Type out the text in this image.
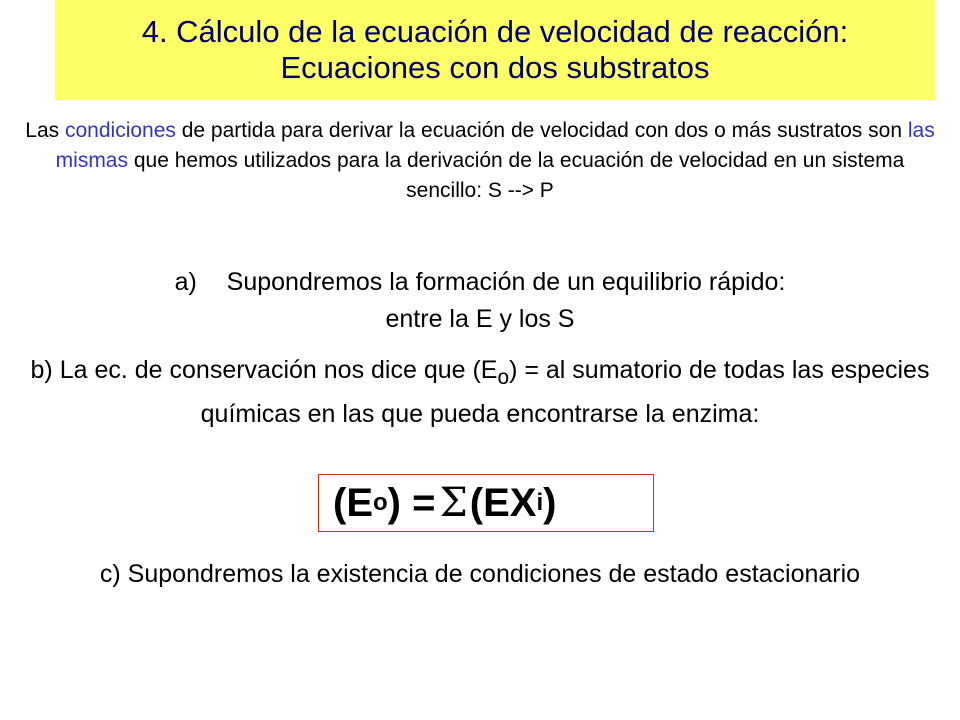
4. Cálculo de la ecuación de velocidad de reacción:
Ecuaciones con dos substratos
Las condiciones de partida para derivar la ecuación de velocidad con dos o más sustratos son las mismas que hemos utilizados para la derivación de la ecuación de velocidad en un sistema sencillo: S --> P
a) Supondremos la formación de un equilibrio rápido:
entre la E y los S
b) La ec. de conservación nos dice que $(E_o)$ = al sumatorio de todas las especies químicas en las que pueda encontrarse la enzima:
(E o ) = Σ (EX i )
c) Supondremos la existencia de condiciones de estado estacionario
